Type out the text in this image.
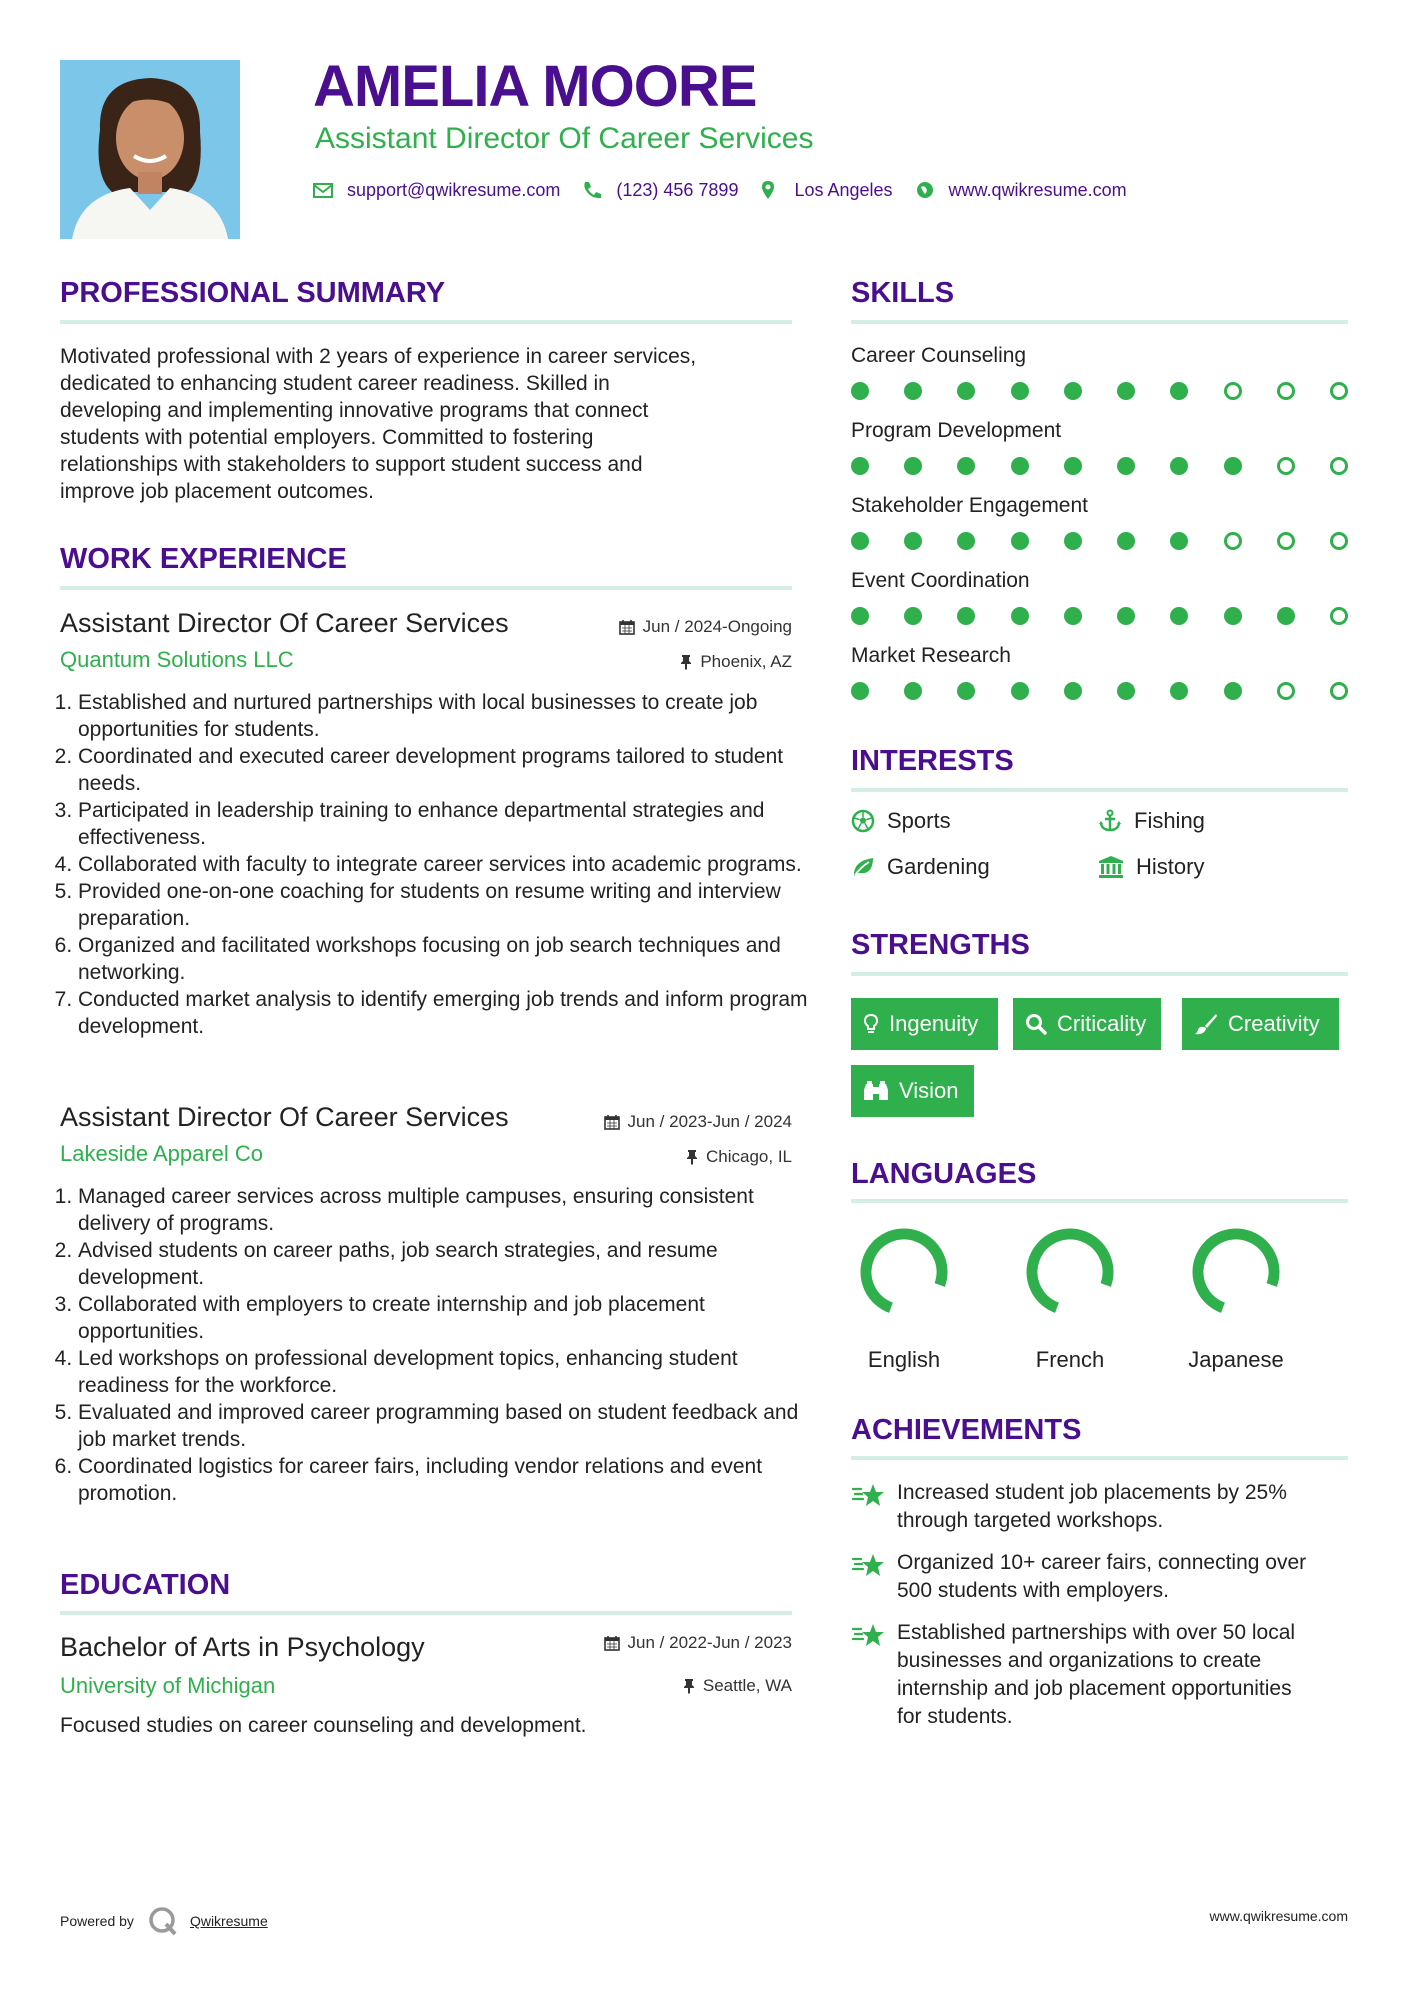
AMELIA MOORE
Assistant Director Of Career Services
support@qwikresume.com	(123) 456 7899	Los Angeles	www.qwikresume.com
PROFESSIONAL SUMMARY
Motivated professional with 2 years of experience in career services,
dedicated to enhancing student career readiness. Skilled in
developing and implementing innovative programs that connect
students with potential employers. Committed to fostering
relationships with stakeholders to support student success and
improve job placement outcomes.
WORK EXPERIENCE
Assistant Director Of Career Services	Jun / 2024-Ongoing
Quantum Solutions LLC	Phoenix, AZ
1. Established and nurtured partnerships with local businesses to create job opportunities for students.
2. Coordinated and executed career development programs tailored to student needs.
3. Participated in leadership training to enhance departmental strategies and effectiveness.
4. Collaborated with faculty to integrate career services into academic programs.
5. Provided one-on-one coaching for students on resume writing and interview preparation.
6. Organized and facilitated workshops focusing on job search techniques and networking.
7. Conducted market analysis to identify emerging job trends and inform program development.
Assistant Director Of Career Services	Jun / 2023-Jun / 2024
Lakeside Apparel Co	Chicago, IL
1. Managed career services across multiple campuses, ensuring consistent delivery of programs.
2. Advised students on career paths, job search strategies, and resume development.
3. Collaborated with employers to create internship and job placement opportunities.
4. Led workshops on professional development topics, enhancing student readiness for the workforce.
5. Evaluated and improved career programming based on student feedback and job market trends.
6. Coordinated logistics for career fairs, including vendor relations and event promotion.
EDUCATION
Bachelor of Arts in Psychology	Jun / 2022-Jun / 2023
University of Michigan	Seattle, WA
Focused studies on career counseling and development.
SKILLS
Career Counseling
Program Development
Stakeholder Engagement
Event Coordination
Market Research
INTERESTS
Sports	Fishing
Gardening	History
STRENGTHS
Ingenuity	Criticality	Creativity
Vision
LANGUAGES
English	French	Japanese
ACHIEVEMENTS
Increased student job placements by 25%
through targeted workshops.
Organized 10+ career fairs, connecting over
500 students with employers.
Established partnerships with over 50 local
businesses and organizations to create
internship and job placement opportunities
for students.
Powered by	Qwikresume	www.qwikresume.com
